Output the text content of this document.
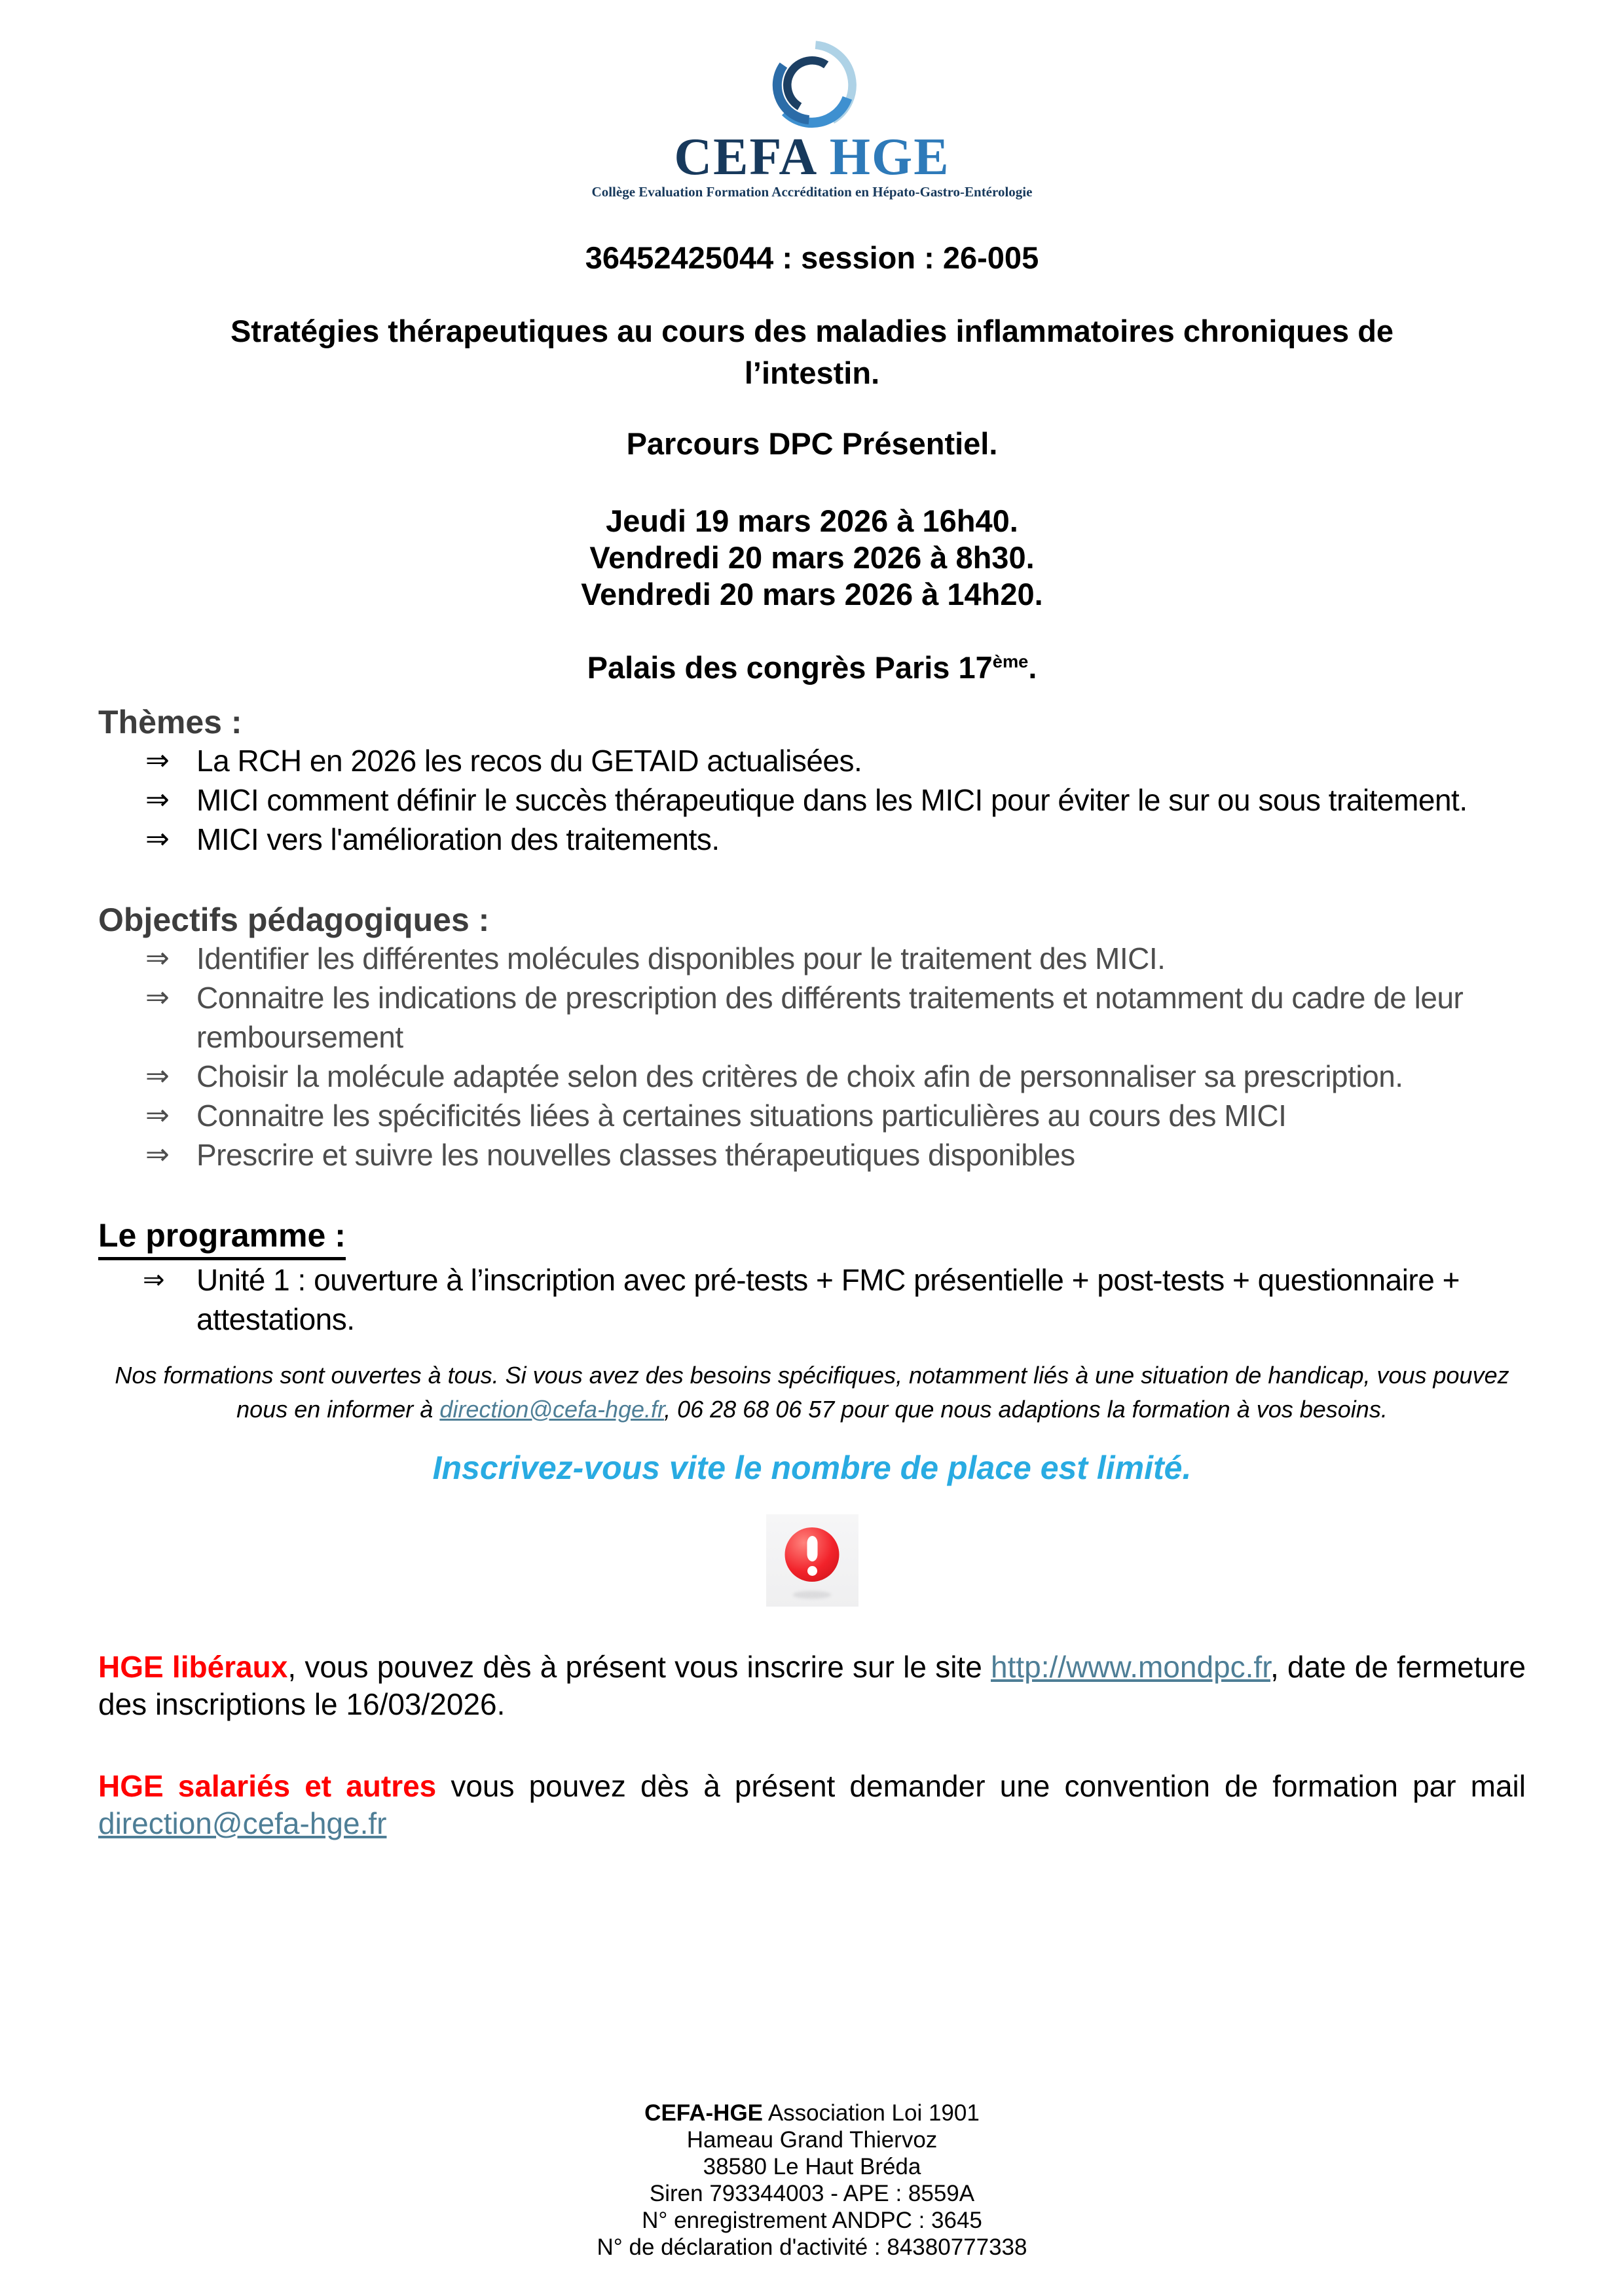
CEFA HGE
Collège Evaluation Formation Accréditation en Hépato-Gastro-Entérologie

36452425044 : session : 26-005

Stratégies thérapeutiques au cours des maladies inflammatoires chroniques de
l’intestin.

Parcours DPC Présentiel.

Jeudi 19 mars 2026 à 16h40.
Vendredi 20 mars 2026 à 8h30.
Vendredi 20 mars 2026 à 14h20.

Palais des congrès Paris 17ème.

Thèmes :
⇒ La RCH en 2026 les recos du GETAID actualisées.
⇒ MICI comment définir le succès thérapeutique dans les MICI pour éviter le sur ou sous traitement.
⇒ MICI vers l'amélioration des traitements.
Objectifs pédagogiques :
⇒ Identifier les différentes molécules disponibles pour le traitement des MICI.
⇒ Connaitre les indications de prescription des différents traitements et notamment du cadre de leur remboursement
⇒ Choisir la molécule adaptée selon des critères de choix afin de personnaliser sa prescription.
⇒ Connaitre les spécificités liées à certaines situations particulières au cours des MICI
⇒ Prescrire et suivre les nouvelles classes thérapeutiques disponibles
Le programme :
⇒ Unité 1 : ouverture à l’inscription avec pré-tests + FMC présentielle + post-tests + questionnaire + attestations.

Nos formations sont ouvertes à tous. Si vous avez des besoins spécifiques, notamment liés à une situation de handicap, vous pouvez nous en informer à direction@cefa-hge.fr, 06 28 68 06 57 pour que nous adaptions la formation à vos besoins.

Inscrivez-vous vite le nombre de place est limité.

HGE libéraux, vous pouvez dès à présent vous inscrire sur le site http://www.mondpc.fr, date de fermeture des inscriptions le 16/03/2026.

HGE salariés et autres vous pouvez dès à présent demander une convention de formation par mail direction@cefa-hge.fr

CEFA-HGE Association Loi 1901
Hameau Grand Thiervoz
38580 Le Haut Bréda
Siren 793344003 - APE : 8559A
N° enregistrement ANDPC : 3645
N° de déclaration d'activité : 84380777338
